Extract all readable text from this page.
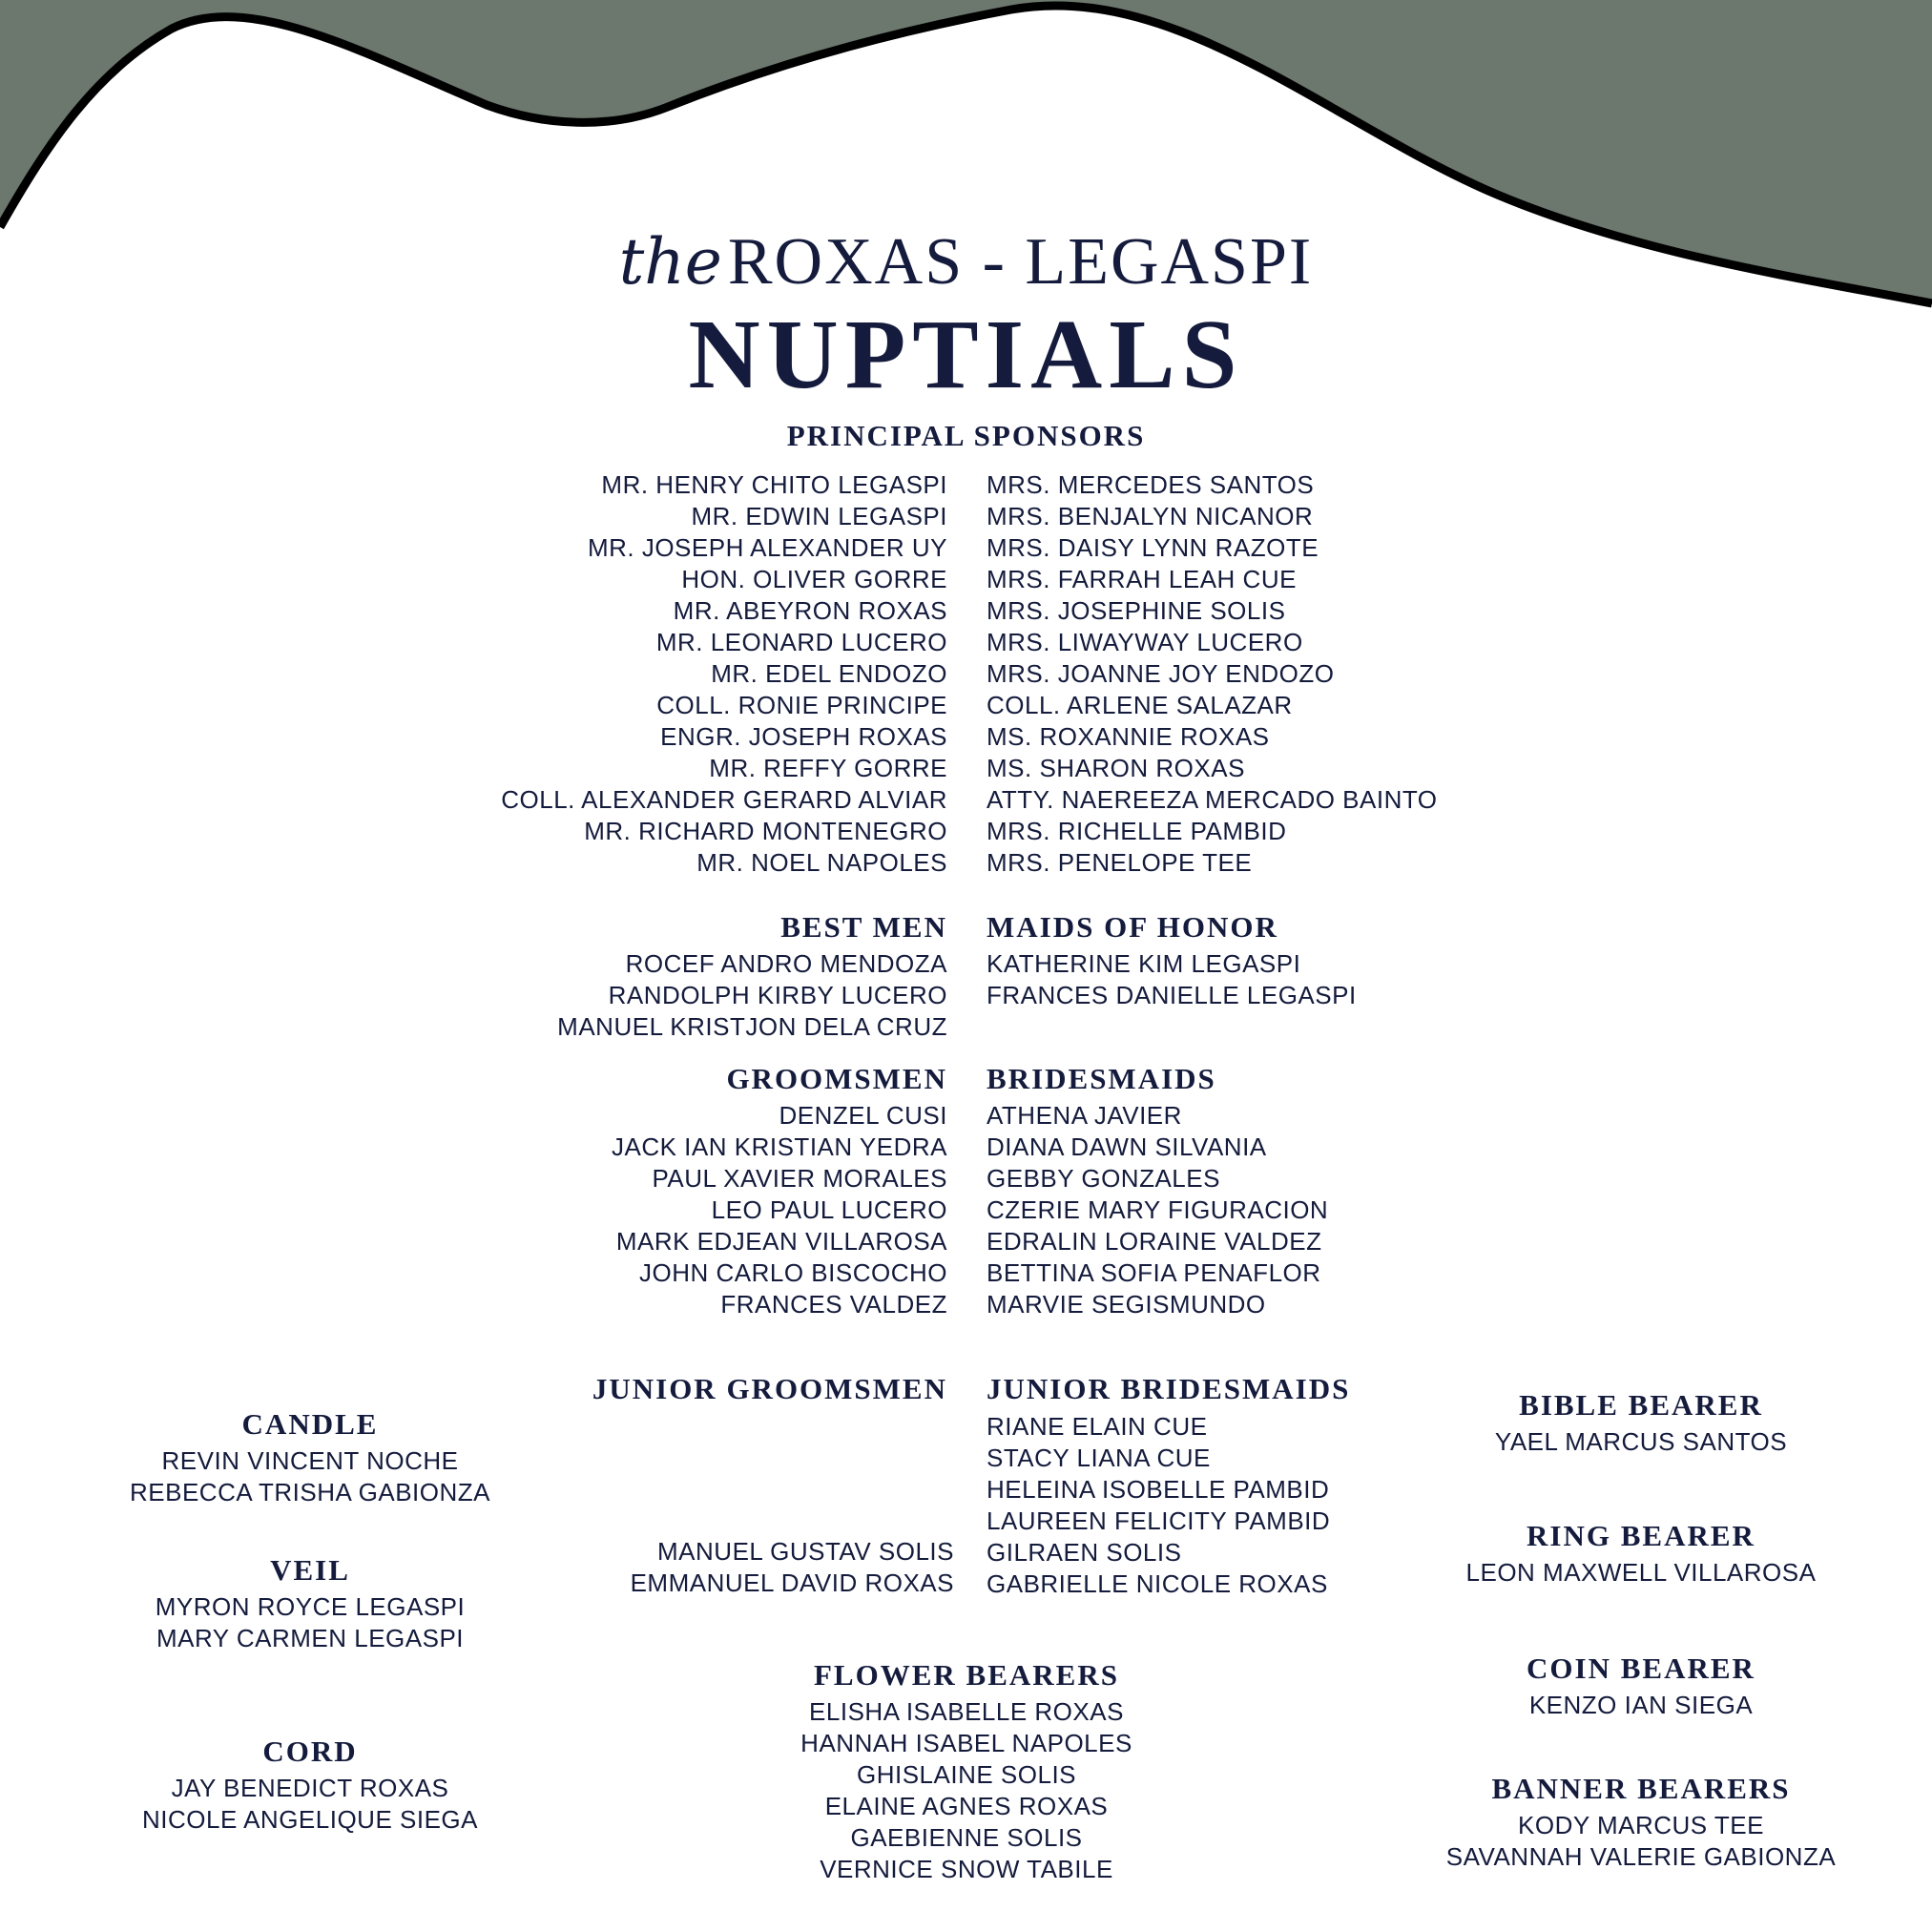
theROXAS - LEGASPI
NUPTIALS
PRINCIPAL SPONSORS
MR. HENRY CHITO LEGASPI
MR. EDWIN LEGASPI
MR. JOSEPH ALEXANDER UY
HON. OLIVER GORRE
MR. ABEYRON ROXAS
MR. LEONARD LUCERO
MR. EDEL ENDOZO
COLL. RONIE PRINCIPE
ENGR. JOSEPH ROXAS
MR. REFFY GORRE
COLL. ALEXANDER GERARD ALVIAR
MR. RICHARD MONTENEGRO
MR. NOEL NAPOLES
MRS. MERCEDES SANTOS
MRS. BENJALYN NICANOR
MRS. DAISY LYNN RAZOTE
MRS. FARRAH LEAH CUE
MRS. JOSEPHINE SOLIS
MRS. LIWAYWAY LUCERO
MRS. JOANNE JOY ENDOZO
COLL. ARLENE SALAZAR
MS. ROXANNIE ROXAS
MS. SHARON ROXAS
ATTY. NAEREEZA MERCADO BAINTO
MRS. RICHELLE PAMBID
MRS. PENELOPE TEE
BEST MEN
ROCEF ANDRO MENDOZA
RANDOLPH KIRBY LUCERO
MANUEL KRISTJON DELA CRUZ
MAIDS OF HONOR
KATHERINE KIM LEGASPI
FRANCES DANIELLE LEGASPI
GROOMSMEN
DENZEL CUSI
JACK IAN KRISTIAN YEDRA
PAUL XAVIER MORALES
LEO PAUL LUCERO
MARK EDJEAN VILLAROSA
JOHN CARLO BISCOCHO
FRANCES VALDEZ
BRIDESMAIDS
ATHENA JAVIER
DIANA DAWN SILVANIA
GEBBY GONZALES
CZERIE MARY FIGURACION
EDRALIN LORAINE VALDEZ
BETTINA SOFIA PENAFLOR
MARVIE SEGISMUNDO
JUNIOR GROOMSMEN
MANUEL GUSTAV SOLIS
EMMANUEL DAVID ROXAS
JUNIOR BRIDESMAIDS
RIANE ELAIN CUE
STACY LIANA CUE
HELEINA ISOBELLE PAMBID
LAUREEN FELICITY PAMBID
GILRAEN SOLIS
GABRIELLE NICOLE ROXAS
CANDLE
REVIN VINCENT NOCHE
REBECCA TRISHA GABIONZA
VEIL
MYRON ROYCE LEGASPI
MARY CARMEN LEGASPI
CORD
JAY BENEDICT ROXAS
NICOLE ANGELIQUE SIEGA
FLOWER BEARERS
ELISHA ISABELLE ROXAS
HANNAH ISABEL NAPOLES
GHISLAINE SOLIS
ELAINE AGNES ROXAS
GAEBIENNE SOLIS
VERNICE SNOW TABILE
BIBLE BEARER
YAEL MARCUS SANTOS
RING BEARER
LEON MAXWELL VILLAROSA
COIN BEARER
KENZO IAN SIEGA
BANNER BEARERS
KODY MARCUS TEE
SAVANNAH VALERIE GABIONZA
